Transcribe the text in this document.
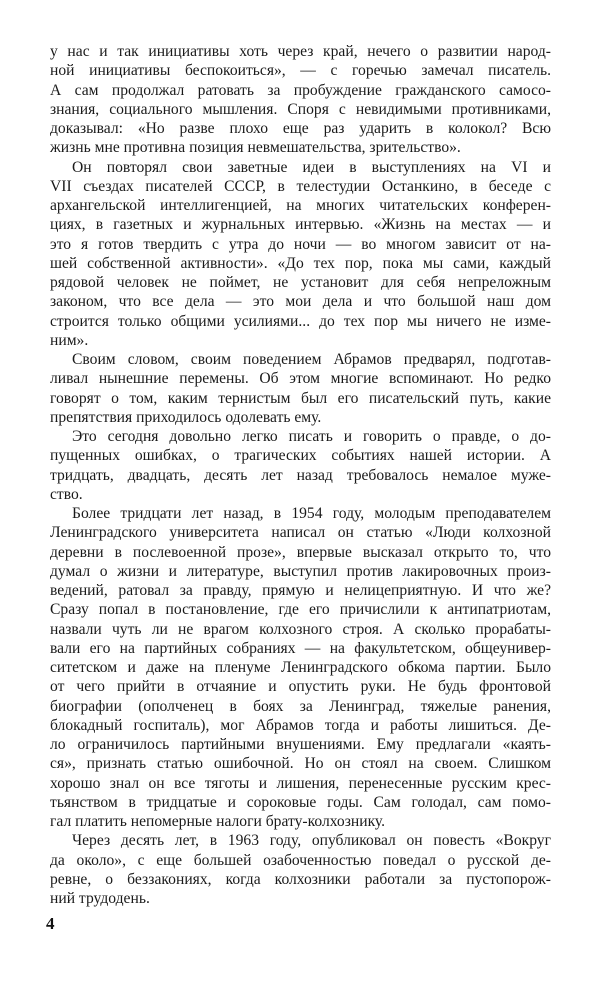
у нас и так инициативы хоть через край, нечего о развитии народ-
ной инициативы беспокоиться», — с горечью замечал писатель.
А сам продолжал ратовать за пробуждение гражданского самосо-
знания, социального мышления. Споря с невидимыми противниками,
доказывал: «Но разве плохо еще раз ударить в колокол? Всю
жизнь мне противна позиция невмешательства, зрительство».
Он повторял свои заветные идеи в выступлениях на VI и
VII съездах писателей СССР, в телестудии Останкино, в беседе с
архангельской интеллигенцией, на многих читательских конферен-
циях, в газетных и журнальных интервью. «Жизнь на местах — и
это я готов твердить с утра до ночи — во многом зависит от на-
шей собственной активности». «До тех пор, пока мы сами, каждый
рядовой человек не поймет, не установит для себя непреложным
законом, что все дела — это мои дела и что большой наш дом
строится только общими усилиями... до тех пор мы ничего не изме-
ним».
Своим словом, своим поведением Абрамов предварял, подготав-
ливал нынешние перемены. Об этом многие вспоминают. Но редко
говорят о том, каким тернистым был его писательский путь, какие
препятствия приходилось одолевать ему.
Это сегодня довольно легко писать и говорить о правде, о до-
пущенных ошибках, о трагических событиях нашей истории. А
тридцать, двадцать, десять лет назад требовалось немалое муже-
ство.
Более тридцати лет назад, в 1954 году, молодым преподавателем
Ленинградского университета написал он статью «Люди колхозной
деревни в послевоенной прозе», впервые высказал открыто то, что
думал о жизни и литературе, выступил против лакировочных произ-
ведений, ратовал за правду, прямую и нелицеприятную. И что же?
Сразу попал в постановление, где его причислили к антипатриотам,
назвали чуть ли не врагом колхозного строя. А сколько прорабаты-
вали его на партийных собраниях — на факультетском, общеунивер-
ситетском и даже на пленуме Ленинградского обкома партии. Было
от чего прийти в отчаяние и опустить руки. Не будь фронтовой
биографии (ополченец в боях за Ленинград, тяжелые ранения,
блокадный госпиталь), мог Абрамов тогда и работы лишиться. Де-
ло ограничилось партийными внушениями. Ему предлагали «каять-
ся», признать статью ошибочной. Но он стоял на своем. Слишком
хорошо знал он все тяготы и лишения, перенесенные русским крес-
тьянством в тридцатые и сороковые годы. Сам голодал, сам помо-
гал платить непомерные налоги брату-колхознику.
Через десять лет, в 1963 году, опубликовал он повесть «Вокруг
да около», с еще большей озабоченностью поведал о русской де-
ревне, о беззакониях, когда колхозники работали за пустопорож-
ний трудодень.
4
